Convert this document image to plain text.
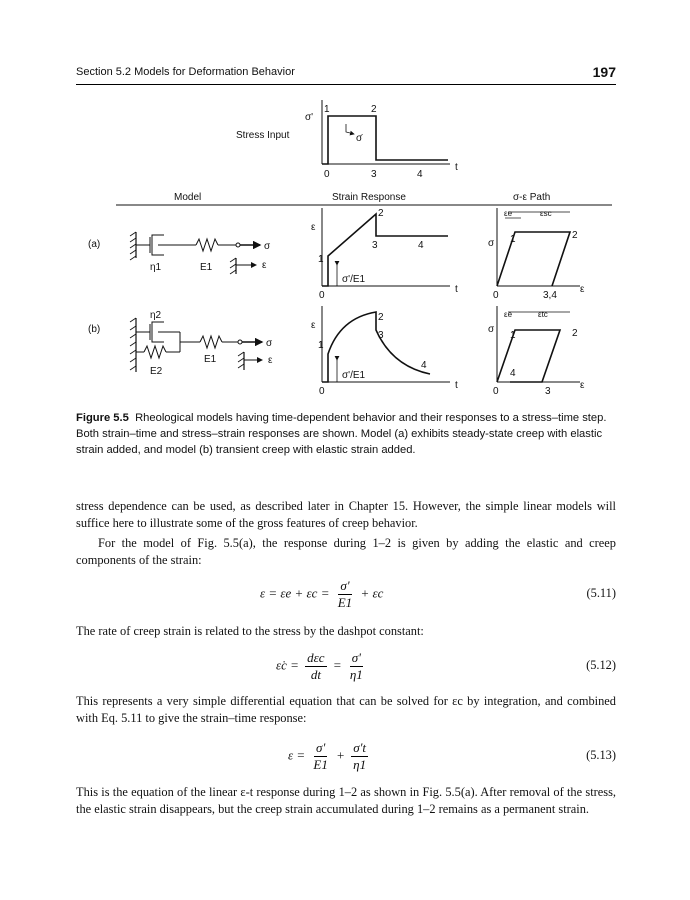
Section 5.2 Models for Deformation Behavior	197
Stress Input
σ'
σ̇
1	2
0	3	4
t
Model	Strain Response	σ-ε Path
(a)	σ
ε
η1	E1
ε
σ'/E1
1
2
3	4
0
t
σ
εe	εsc
1	2
0	3,4
ε
(b)
σ
ε
η2
E2
E1
ε
σ'/E1
1
2
3
4
0
t
σ
εe	εtc
1	2
4
0	3
ε
Figure 5.5 Rheological models having time-dependent behavior and their responses to a stress–time step. Both strain–time and stress–strain responses are shown. Model (a) exhibits steady-state creep with elastic strain added, and model (b) transient creep with elastic strain added.
stress dependence can be used, as described later in Chapter 15. However, the simple linear models will suffice here to illustrate some of the gross features of creep behavior.
For the model of Fig. 5.5(a), the response during 1–2 is given by adding the elastic and creep components of the strain:
$\varepsilon = \varepsilon e + \varepsilon c = \frac{\sigma'}{E1} + \varepsilon c$	(5.11)
The rate of creep strain is related to the stress by the dashpot constant:
ε̇c = $\frac{\text{dεc}}{dt} = \frac{\sigma'}{\eta 1}$	(5.12)
This represents a very simple differential equation that can be solved for εc by integration, and combined with Eq. 5.11 to give the strain–time response:
$\varepsilon = \frac{\sigma'}{E1} + \frac{\sigma't}{\eta 1}$	(5.13)
This is the equation of the linear ε-t response during 1–2 as shown in Fig. 5.5(a). After removal of the stress, the elastic strain disappears, but the creep strain accumulated during 1–2 remains as a permanent strain.
